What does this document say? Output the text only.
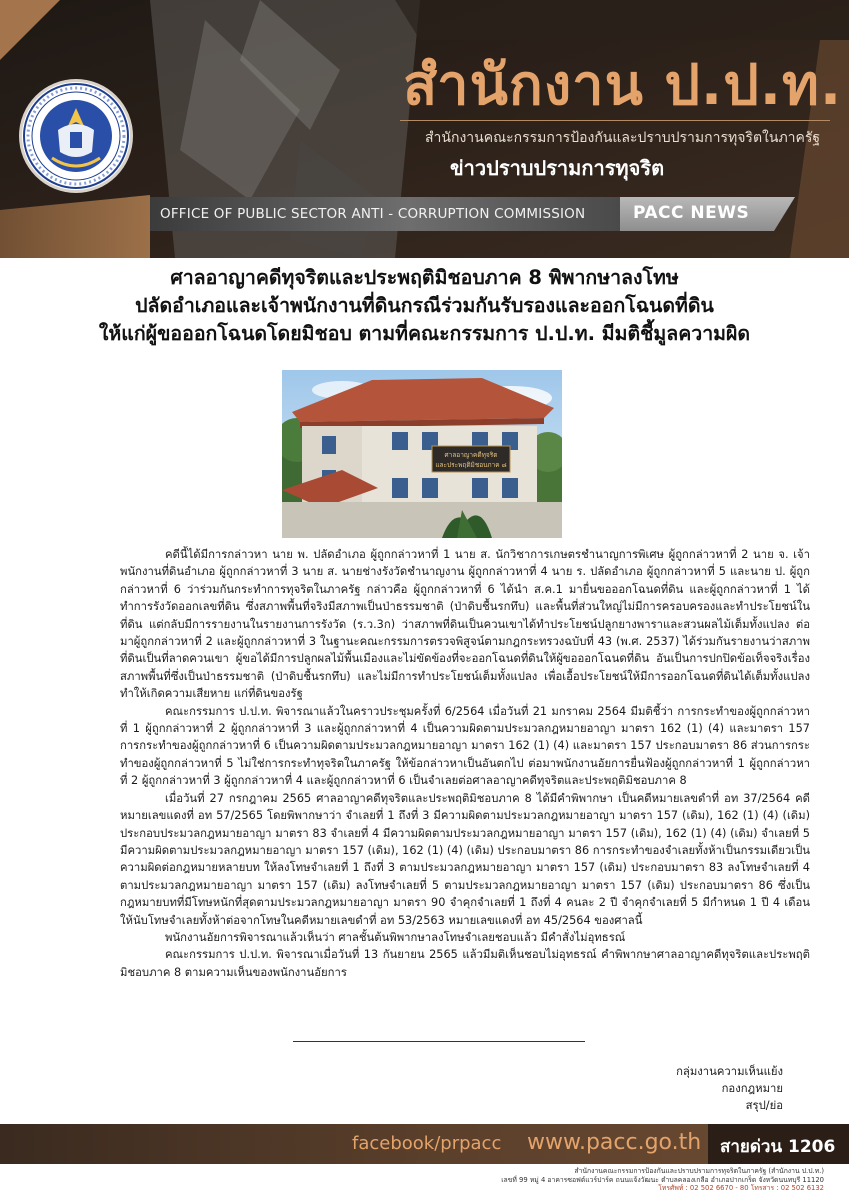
สำนักงาน ป.ป.ท.
สำนักงานคณะกรรมการป้องกันและปราบปรามการทุจริตในภาครัฐ
ข่าวปราบปรามการทุจริต
OFFICE OF PUBLIC SECTOR ANTI - CORRUPTION COMMISSION	PACC NEWS
ศาลอาญาคดีทุจริตและประพฤติมิชอบภาค 8 พิพากษาลงโทษ
ปลัดอำเภอและเจ้าพนักงานที่ดินกรณีร่วมกันรับรองและออกโฉนดที่ดิน
ให้แก่ผู้ขอออกโฉนดโดยมิชอบ ตามที่คณะกรรมการ ป.ป.ท. มีมติชี้มูลความผิด
ศาลอาญาคดีทุจริต
และประพฤติมิชอบภาค ๘

คดีนี้ได้มีการกล่าวหา นาย พ. ปลัดอำเภอ ผู้ถูกกล่าวหาที่ 1 นาย ส. นักวิชาการเกษตรชำนาญการพิเศษ ผู้ถูกกล่าวหาที่ 2 นาย จ. เจ้าพนักงานที่ดินอำเภอ ผู้ถูกกล่าวหาที่ 3 นาย ส. นายช่างรังวัดชำนาญงาน ผู้ถูกกล่าวหาที่ 4 นาย ร. ปลัดอำเภอ ผู้ถูกกล่าวหาที่ 5 และนาย ป. ผู้ถูกกล่าวหาที่ 6 ว่าร่วมกันกระทำการทุจริตในภาครัฐ กล่าวคือ ผู้ถูกกล่าวหาที่ 6 ได้นำ ส.ค.1 มายื่นขอออกโฉนดที่ดิน และผู้ถูกกล่าวหาที่ 1 ได้ทำการรังวัดออกเลขที่ดิน ซึ่งสภาพพื้นที่จริงมีสภาพเป็นป่าธรรมชาติ (ป่าดิบชื้นรกทึบ) และพื้นที่ส่วนใหญ่ไม่มีการครอบครองและทำประโยชน์ในที่ดิน แต่กลับมีการรายงานในรายงานการรังวัด (ร.ว.3ก) ว่าสภาพที่ดินเป็นควนเขาได้ทำประโยชน์ปลูกยางพาราและสวนผลไม้เต็มทั้งแปลง ต่อมาผู้ถูกกล่าวหาที่ 2 และผู้ถูกกล่าวหาที่ 3 ในฐานะคณะกรรมการตรวจพิสูจน์ตามกฎกระทรวงฉบับที่ 43 (พ.ศ. 2537) ได้ร่วมกันรายงานว่าสภาพที่ดินเป็นที่ลาดควนเขา ผู้ขอได้มีการปลูกผลไม้พื้นเมืองและไม่ขัดข้องที่จะออกโฉนดที่ดินให้ผู้ขอออกโฉนดที่ดิน อันเป็นการปกปิดข้อเท็จจริงเรื่องสภาพพื้นที่ซึ่งเป็นป่าธรรมชาติ (ป่าดิบชื้นรกทึบ) และไม่มีการทำประโยชน์เต็มทั้งแปลง เพื่อเอื้อประโยชน์ให้มีการออกโฉนดที่ดินได้เต็มทั้งแปลงทำให้เกิดความเสียหาย แก่ที่ดินของรัฐ

คณะกรรมการ ป.ป.ท. พิจารณาแล้วในคราวประชุมครั้งที่ 6/2564 เมื่อวันที่ 21 มกราคม 2564 มีมติชี้ว่า การกระทำของผู้ถูกกล่าวหาที่ 1 ผู้ถูกกล่าวหาที่ 2 ผู้ถูกกล่าวหาที่ 3 และผู้ถูกกล่าวหาที่ 4 เป็นความผิดตามประมวลกฎหมายอาญา มาตรา 162 (1) (4) และมาตรา 157 การกระทำของผู้ถูกกล่าวหาที่ 6 เป็นความผิดตามประมวลกฎหมายอาญา มาตรา 162 (1) (4) และมาตรา 157 ประกอบมาตรา 86 ส่วนการกระทำของผู้ถูกกล่าวหาที่ 5 ไม่ใช่การกระทำทุจริตในภาครัฐ ให้ข้อกล่าวหาเป็นอันตกไป ต่อมาพนักงานอัยการยื่นฟ้องผู้ถูกกล่าวหาที่ 1 ผู้ถูกกล่าวหาที่ 2 ผู้ถูกกล่าวหาที่ 3 ผู้ถูกกล่าวหาที่ 4 และผู้ถูกกล่าวหาที่ 6 เป็นจำเลยต่อศาลอาญาคดีทุจริตและประพฤติมิชอบภาค 8

เมื่อวันที่ 27 กรกฎาคม 2565 ศาลอาญาคดีทุจริตและประพฤติมิชอบภาค 8 ได้มีคำพิพากษา เป็นคดีหมายเลขดำที่ อท 37/2564 คดีหมายเลขแดงที่ อท 57/2565 โดยพิพากษาว่า จำเลยที่ 1 ถึงที่ 3 มีความผิดตามประมวลกฎหมายอาญา มาตรา 157 (เดิม), 162 (1) (4) (เดิม) ประกอบประมวลกฎหมายอาญา มาตรา 83 จำเลยที่ 4 มีความผิดตามประมวลกฎหมายอาญา มาตรา 157 (เดิม), 162 (1) (4) (เดิม) จำเลยที่ 5 มีความผิดตามประมวลกฎหมายอาญา มาตรา 157 (เดิม), 162 (1) (4) (เดิม) ประกอบมาตรา 86 การกระทำของจำเลยทั้งห้าเป็นกรรมเดียวเป็นความผิดต่อกฎหมายหลายบท ให้ลงโทษจำเลยที่ 1 ถึงที่ 3 ตามประมวลกฎหมายอาญา มาตรา 157 (เดิม) ประกอบมาตรา 83 ลงโทษจำเลยที่ 4 ตามประมวลกฎหมายอาญา มาตรา 157 (เดิม) ลงโทษจำเลยที่ 5 ตามประมวลกฎหมายอาญา มาตรา 157 (เดิม) ประกอบมาตรา 86 ซึ่งเป็นกฎหมายบทที่มีโทษหนักที่สุดตามประมวลกฎหมายอาญา มาตรา 90 จำคุกจำเลยที่ 1 ถึงที่ 4 คนละ 2 ปี จำคุกจำเลยที่ 5 มีกำหนด 1 ปี 4 เดือน ให้นับโทษจำเลยทั้งห้าต่อจากโทษในคดีหมายเลขดำที่ อท 53/2563 หมายเลขแดงที่ อท 45/2564 ของศาลนี้

พนักงานอัยการพิจารณาแล้วเห็นว่า ศาลชั้นต้นพิพากษาลงโทษจำเลยชอบแล้ว มีคำสั่งไม่อุทธรณ์

คณะกรรมการ ป.ป.ท. พิจารณาเมื่อวันที่ 13 กันยายน 2565 แล้วมีมติเห็นชอบไม่อุทธรณ์ คำพิพากษาศาลอาญาคดีทุจริตและประพฤติมิชอบภาค 8 ตามความเห็นของพนักงานอัยการ

กลุ่มงานความเห็นแย้ง
กองกฎหมาย
สรุป/ย่อ
facebook/prpacc www.pacc.go.th สายด่วน 1206
สำนักงานคณะกรรมการป้องกันและปราบปรามการทุจริตในภาครัฐ (สำนักงาน ป.ป.ท.)
เลขที่ 99 หมู่ 4 อาคารซอฟต์แวร์ปาร์ค ถนนแจ้งวัฒนะ ตำบลคลองเกลือ อำเภอปากเกร็ด จังหวัดนนทบุรี 11120
โทรศัพท์ : 02 502 6670 - 80 โทรสาร : 02 502 6132
